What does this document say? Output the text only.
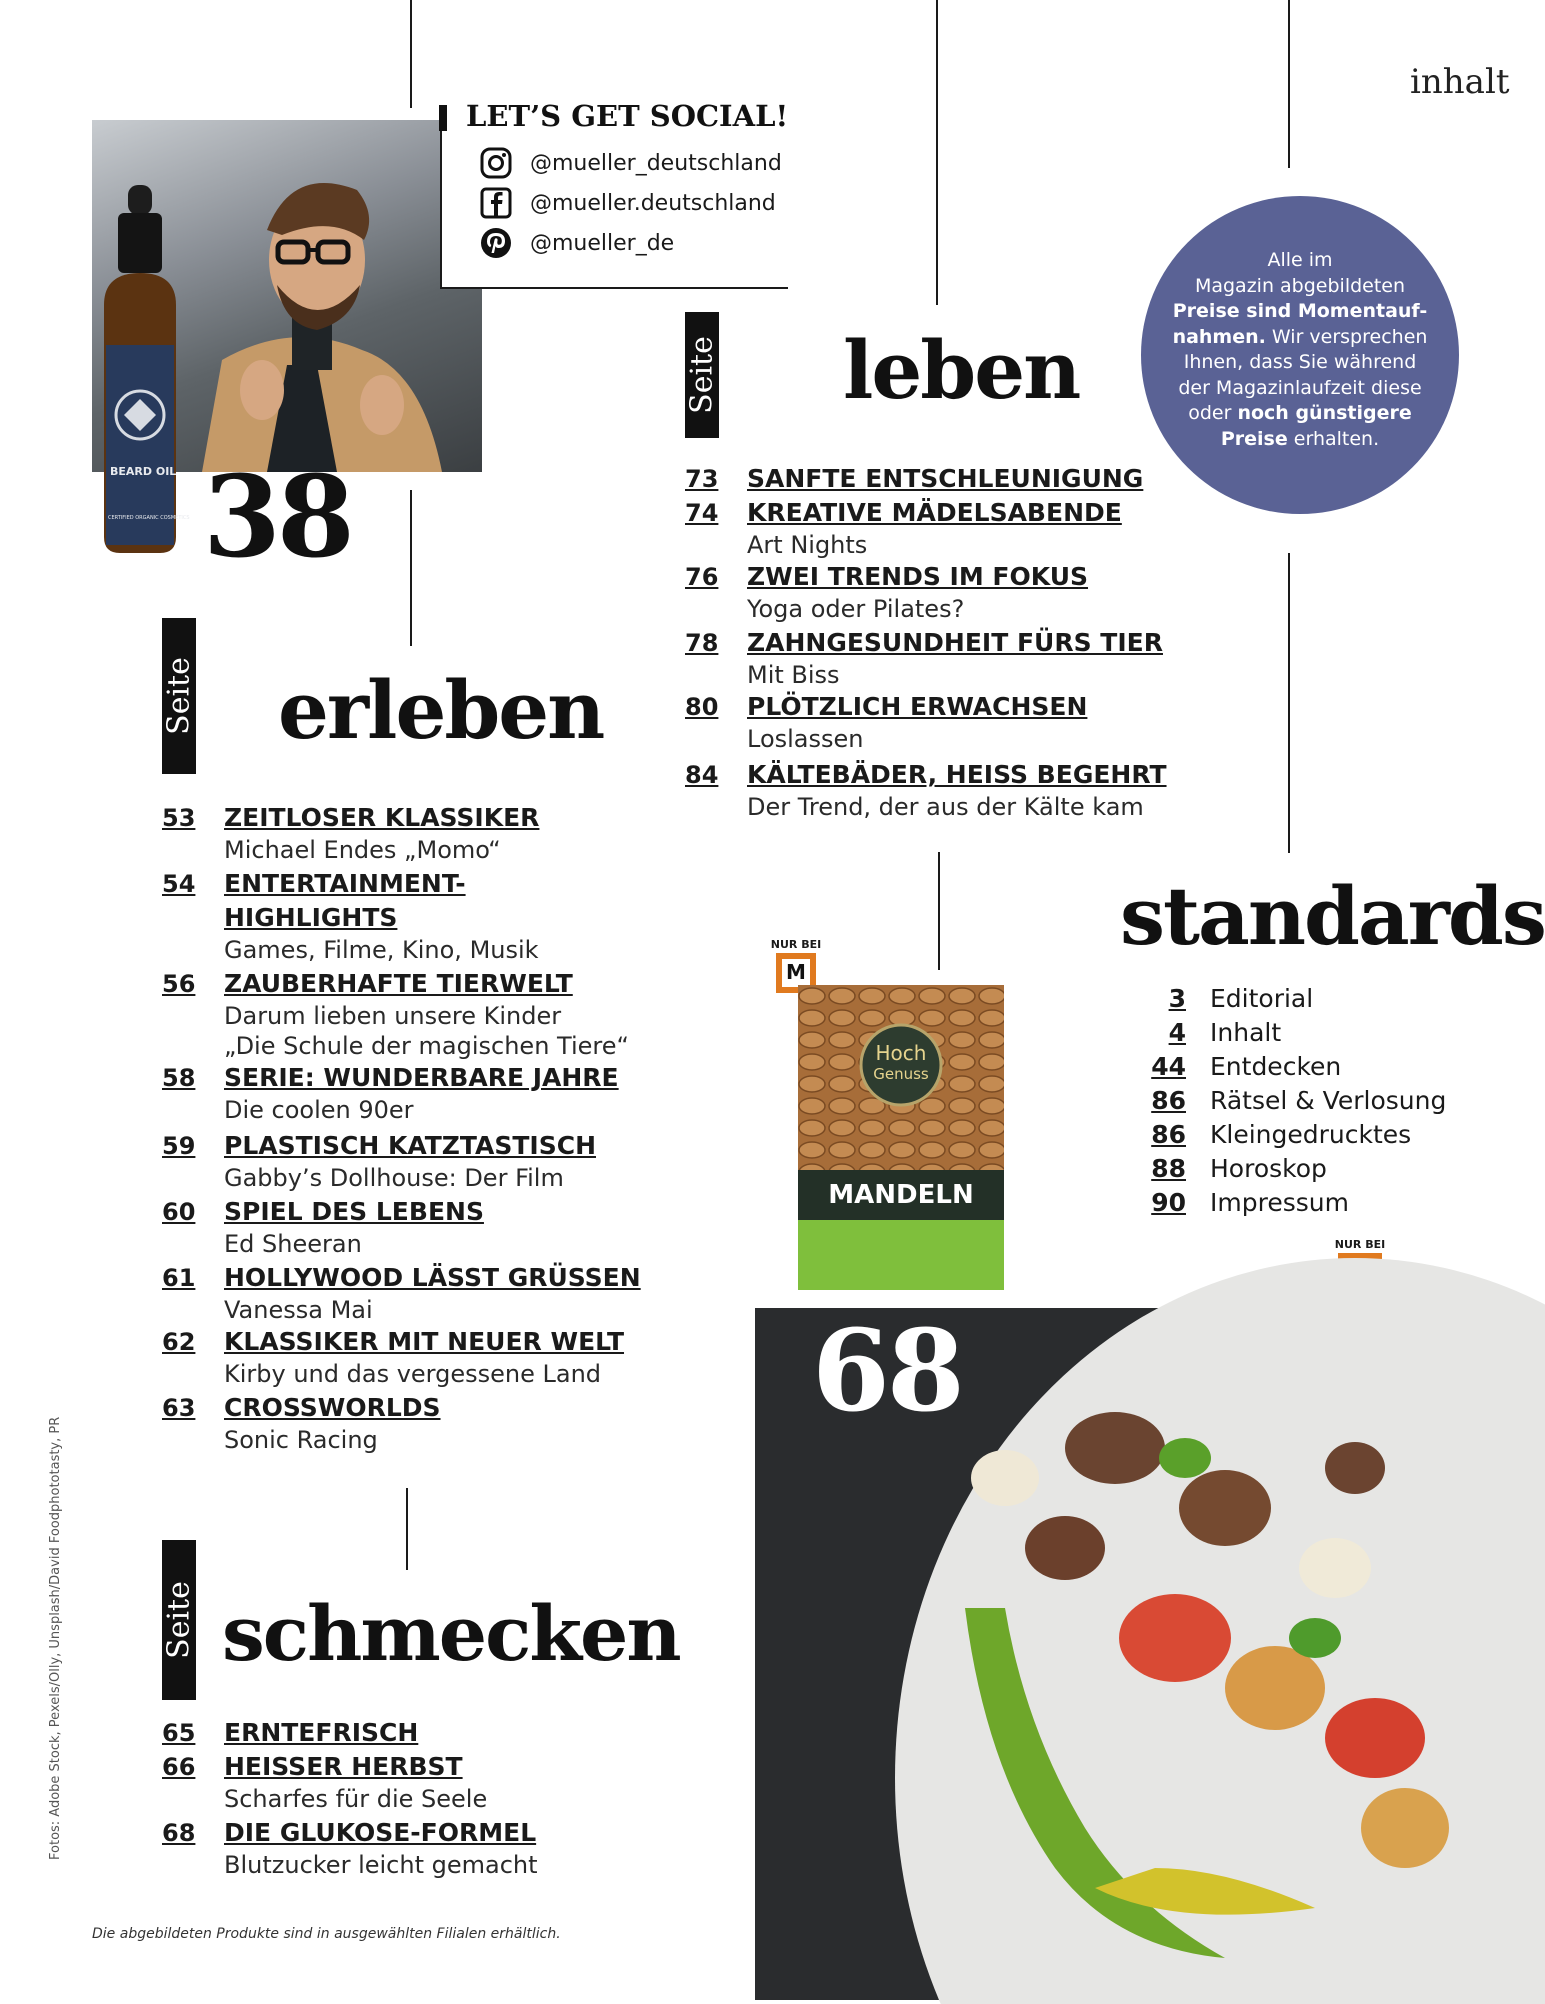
inhalt
BEARD OIL
CERTIFIED ORGANIC COSMETICS 38
LET’S GET SOCIAL!
@mueller_deutschland
@mueller.deutschland
@mueller_de
Alle im
Magazin abgebildeten
Preise sind Momentauf-
nahmen. Wir versprechen
Ihnen, dass Sie während
der Magazinlaufzeit diese
oder noch günstigere
Preise erhalten.
Seite leben
73 SANFTE ENTSCHLEUNIGUNG
74 KREATIVE MÄDELSABENDE
Art Nights
76 ZWEI TRENDS IM FOKUS
Yoga oder Pilates?
78 ZAHNGESUNDHEIT FÜRS TIER
Mit Biss
80 PLÖTZLICH ERWACHSEN
Loslassen
84 KÄLTEBÄDER, HEISS BEGEHRT
Der Trend, der aus der Kälte kam
Seite erleben
53 ZEITLOSER KLASSIKER
Michael Endes „Momo“
54 ENTERTAINMENT-
HIGHLIGHTS
Games, Filme, Kino, Musik
56 ZAUBERHAFTE TIERWELT
Darum lieben unsere Kinder
„Die Schule der magischen Tiere“
58 SERIE: WUNDERBARE JAHRE
Die coolen 90er
59 PLASTISCH KATZTASTISCH
Gabby’s Dollhouse: Der Film
60 SPIEL DES LEBENS
Ed Sheeran
61 HOLLYWOOD LÄSST GRÜSSEN
Vanessa Mai
62 KLASSIKER MIT NEUER WELT
Kirby und das vergessene Land
63 CROSSWORLDS
Sonic Racing
standards
3 Editorial
4 Inhalt
44 Entdecken
86 Rätsel & Verlosung
86 Kleingedrucktes
88 Horoskop
90 Impressum
NUR BEI
M
Hoch
Genuss
MANDELN
NUR BEI
68
Seite schmecken
65 ERNTEFRISCH
66 HEISSER HERBST
Scharfes für die Seele
68 DIE GLUKOSE-FORMEL
Blutzucker leicht gemacht
Fotos: Adobe Stock, Pexels/Olly, Unsplash/David Foodphototasty, PR
Die abgebildeten Produkte sind in ausgewählten Filialen erhältlich.
